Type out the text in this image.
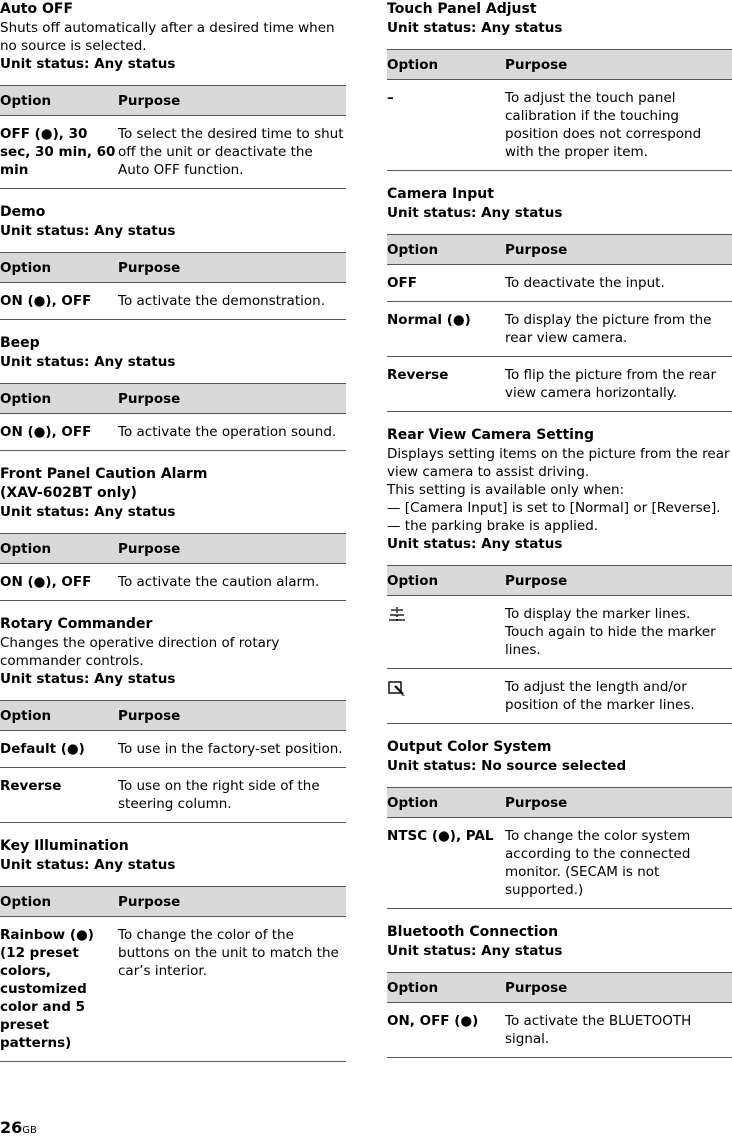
Auto OFF

Shuts off automatically after a desired time when no source is selected.

Unit status: Any status

Option	Purpose
OFF (●), 30 sec, 30 min, 60 min	To select the desired time to shut off the unit or deactivate the Auto OFF function.
Demo

Unit status: Any status

Option	Purpose
ON (●), OFF	To activate the demonstration.
Beep

Unit status: Any status

Option	Purpose
ON (●), OFF	To activate the operation sound.
Front Panel Caution Alarm
(XAV-602BT only)

Unit status: Any status

Option	Purpose
ON (●), OFF	To activate the caution alarm.
Rotary Commander

Changes the operative direction of rotary commander controls.

Unit status: Any status

Option	Purpose
Default (●)	To use in the factory-set position.
Reverse	To use on the right side of the steering column.
Key Illumination

Unit status: Any status

Option	Purpose
Rainbow (●) (12 preset colors, customized color and 5 preset patterns)	To change the color of the buttons on the unit to match the car’s interior.
Touch Panel Adjust

Unit status: Any status

Option	Purpose
–	To adjust the touch panel calibration if the touching position does not correspond with the proper item.
Camera Input

Unit status: Any status

Option	Purpose
OFF	To deactivate the input.
Normal (●)	To display the picture from the rear view camera.
Reverse	To flip the picture from the rear view camera horizontally.
Rear View Camera Setting

Displays setting items on the picture from the rear view camera to assist driving.

This setting is available only when:

— [Camera Input] is set to [Normal] or [Reverse].

— the parking brake is applied.

Unit status: Any status

Option	Purpose
	To display the marker lines. Touch again to hide the marker lines.
	To adjust the length and/or position of the marker lines.
Output Color System

Unit status: No source selected

Option	Purpose
NTSC (●), PAL	To change the color system according to the connected monitor. (SECAM is not supported.)
Bluetooth Connection

Unit status: Any status

Option	Purpose
ON, OFF (●)	To activate the BLUETOOTH signal.
26GB
